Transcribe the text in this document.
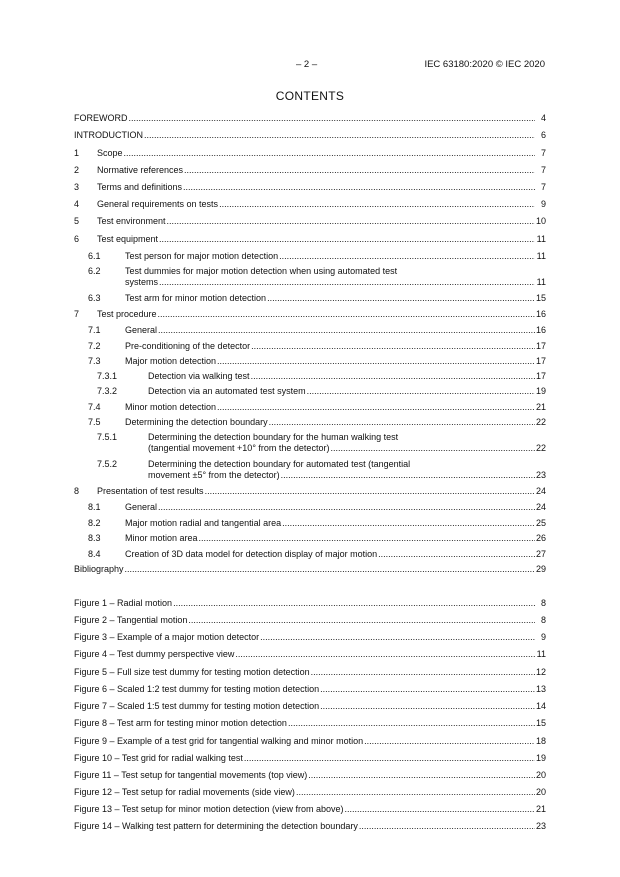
– 2 –	IEC 63180:2020 © IEC 2020
CONTENTS
FOREWORD .....	4
INTRODUCTION .....	6
1 Scope .....	7
2 Normative references .....	7
3 Terms and definitions .....	7
4 General requirements on tests .....	9
5 Test environment .....	10
6 Test equipment .....	11
6.1	Test person for major motion detection .....	11
6.2	Test dummies for major motion detection when using automated test
systems .....	11
6.3	Test arm for minor motion detection .....	15
7 Test procedure .....	16
7.1	General .....	16
7.2	Pre-conditioning of the detector .....	17
7.3	Major motion detection .....	17
7.3.1	Detection via walking test .....	17
7.3.2	Detection via an automated test system .....	19
7.4	Minor motion detection .....	21
7.5	Determining the detection boundary .....	22
7.5.1	Determining the detection boundary for the human walking test
(tangential movement +10° from the detector) .....	22
7.5.2	Determining the detection boundary for automated test (tangential
movement ±5° from the detector) .....	23
8 Presentation of test results .....	24
8.1	General .....	24
8.2	Major motion radial and tangential area .....	25
8.3	Minor motion area .....	26
8.4	Creation of 3D data model for detection display of major motion .....	27
Bibliography .....	29
Figure 1 – Radial motion .....	8
Figure 2 – Tangential motion .....	8
Figure 3 – Example of a major motion detector .....	9
Figure 4 – Test dummy perspective view .....	11
Figure 5 – Full size test dummy for testing motion detection .....	12
Figure 6 – Scaled 1:2 test dummy for testing motion detection .....	13
Figure 7 – Scaled 1:5 test dummy for testing motion detection .....	14
Figure 8 – Test arm for testing minor motion detection .....	15
Figure 9 – Example of a test grid for tangential walking and minor motion .....	18
Figure 10 – Test grid for radial walking test .....	19
Figure 11 – Test setup for tangential movements (top view) .....	20
Figure 12 – Test setup for radial movements (side view) .....	20
Figure 13 – Test setup for minor motion detection (view from above) .....	21
Figure 14 – Walking test pattern for determining the detection boundary .....	23
